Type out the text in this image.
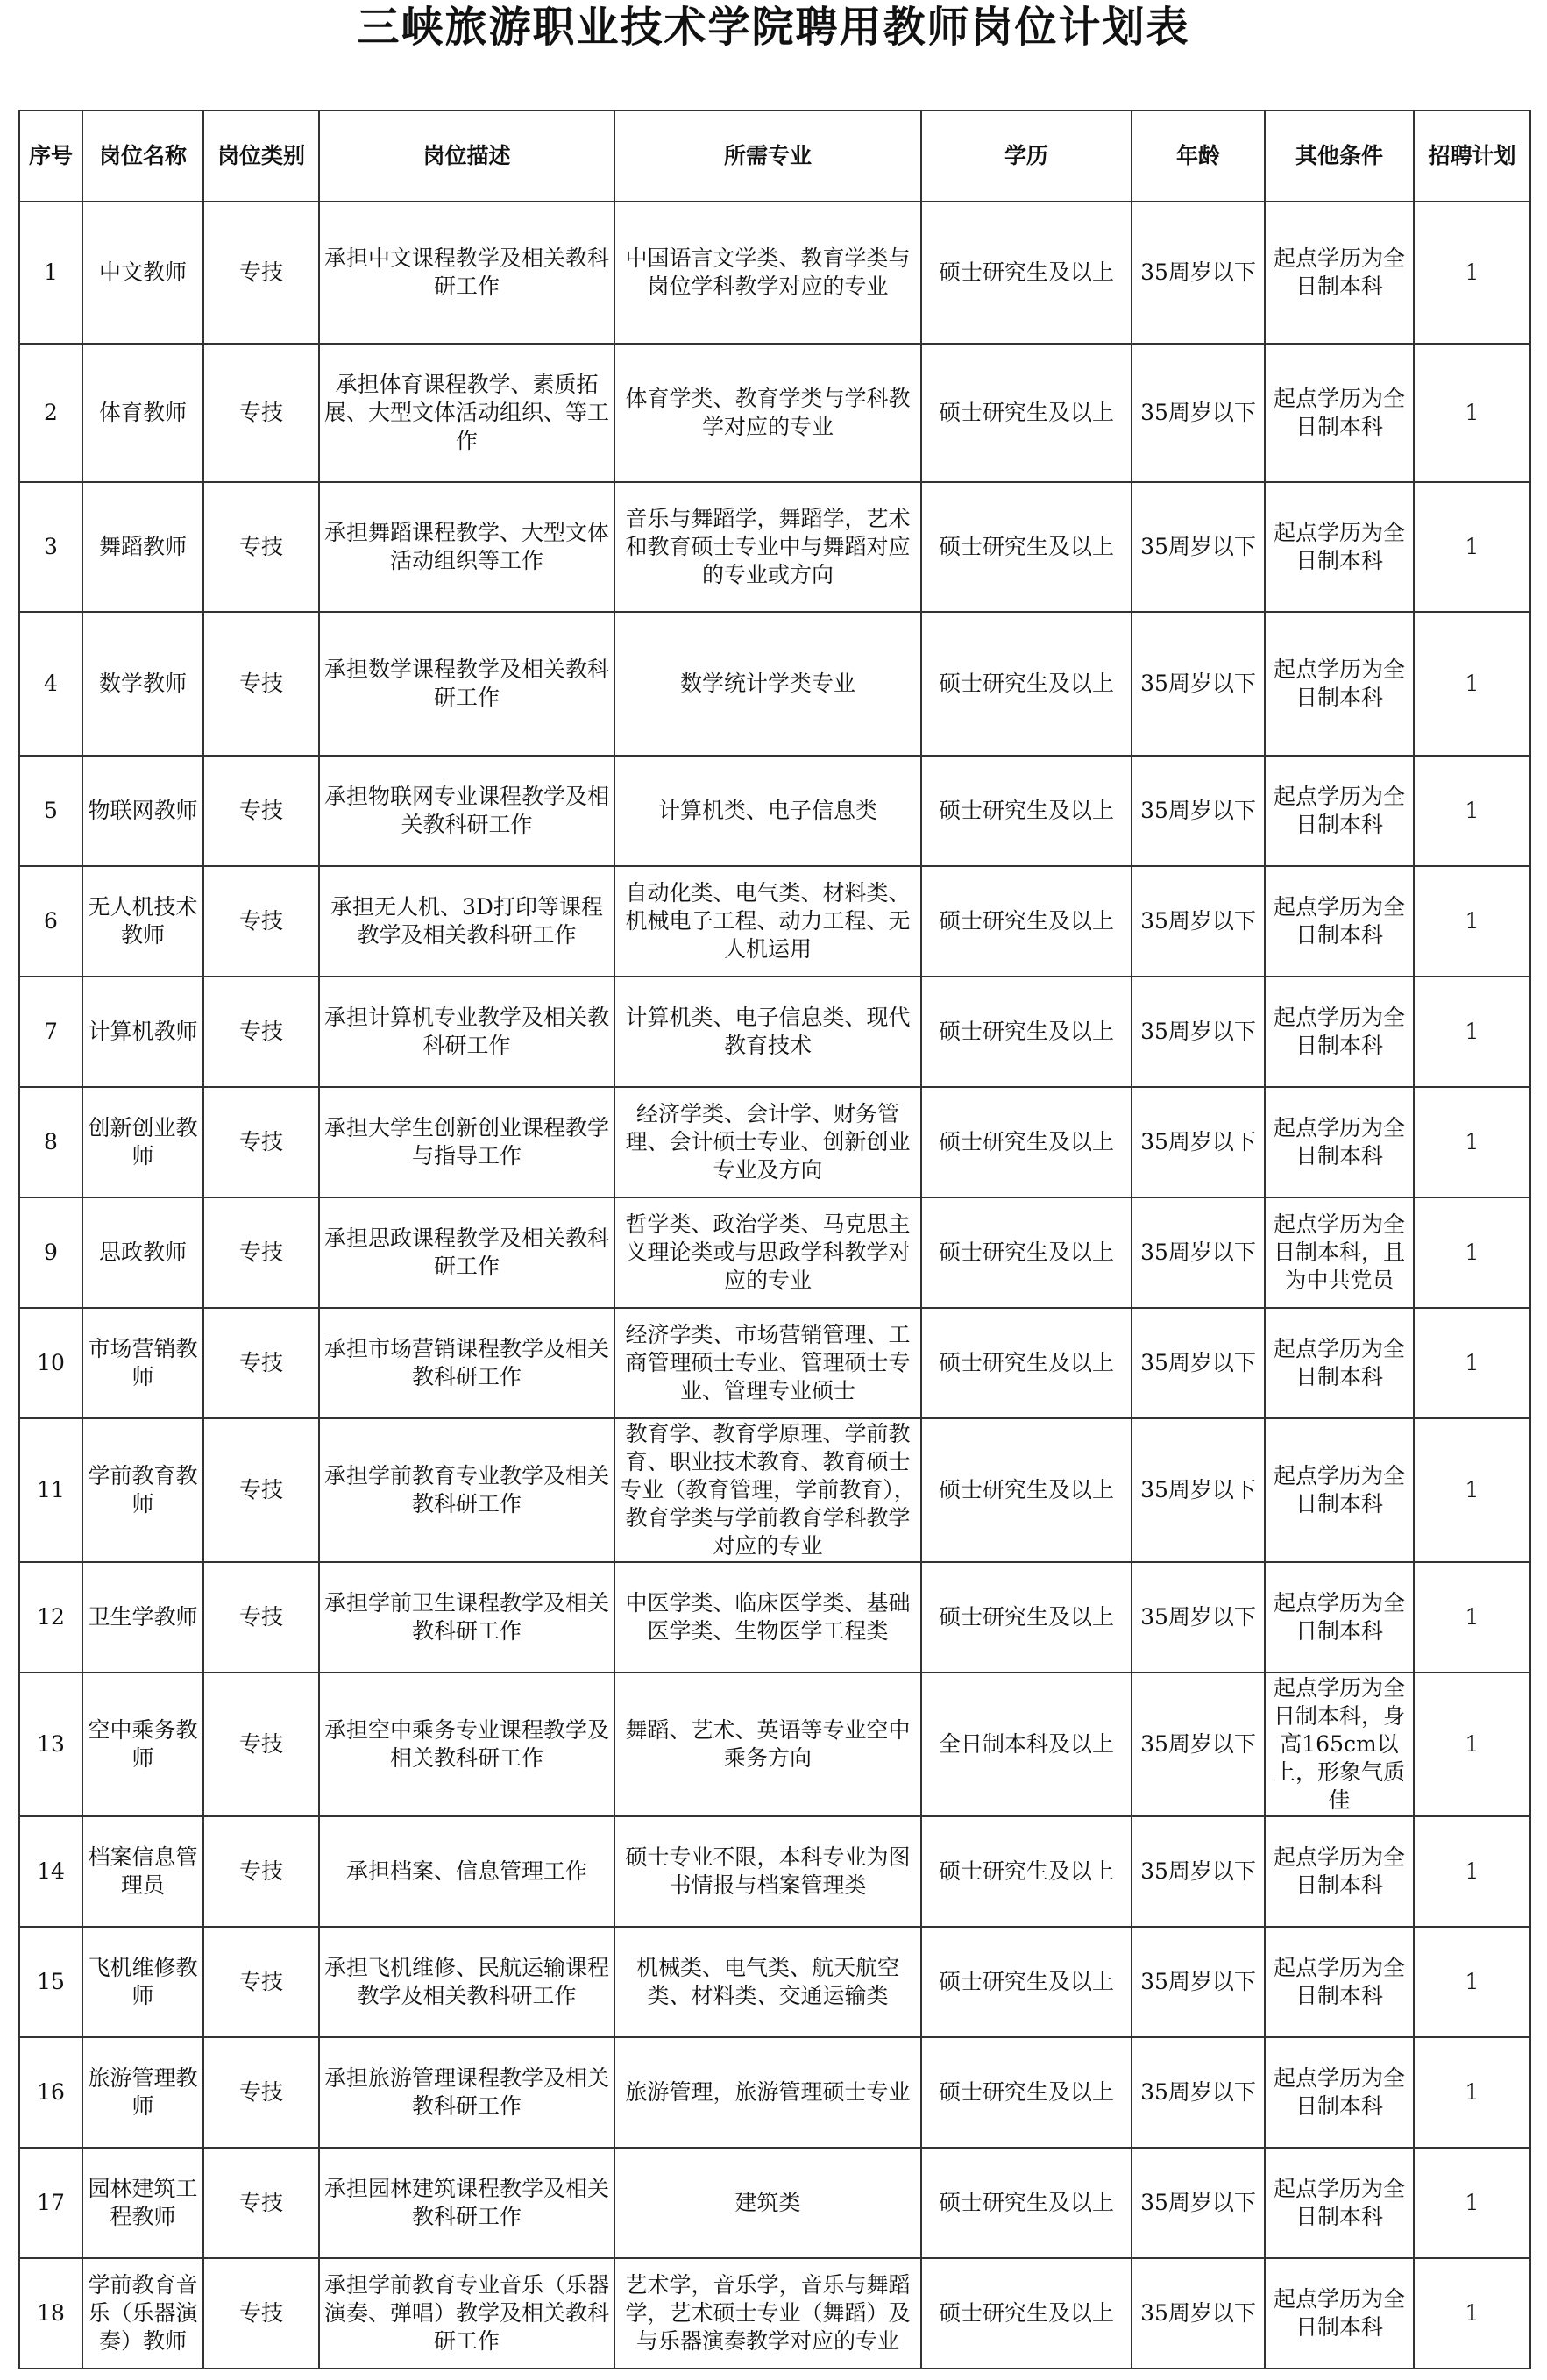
三峡旅游职业技术学院聘用教师岗位计划表
序号	岗位名称	岗位类别	岗位描述	所需专业	学历	年龄	其他条件	招聘计划
1	中文教师	专技	承担中文课程教学及相关教科研工作	中国语言文学类、教育学类与岗位学科教学对应的专业	硕士研究生及以上	35周岁以下	起点学历为全日制本科	1
2	体育教师	专技	承担体育课程教学、素质拓展、大型文体活动组织、等工作	体育学类、教育学类与学科教学对应的专业	硕士研究生及以上	35周岁以下	起点学历为全日制本科	1
3	舞蹈教师	专技	承担舞蹈课程教学、大型文体活动组织等工作	音乐与舞蹈学，舞蹈学，艺术和教育硕士专业中与舞蹈对应的专业或方向	硕士研究生及以上	35周岁以下	起点学历为全日制本科	1
4	数学教师	专技	承担数学课程教学及相关教科研工作	数学统计学类专业	硕士研究生及以上	35周岁以下	起点学历为全日制本科	1
5	物联网教师	专技	承担物联网专业课程教学及相关教科研工作	计算机类、电子信息类	硕士研究生及以上	35周岁以下	起点学历为全日制本科	1
6	无人机技术教师	专技	承担无人机、3D打印等课程教学及相关教科研工作	自动化类、电气类、材料类、机械电子工程、动力工程、无人机运用	硕士研究生及以上	35周岁以下	起点学历为全日制本科	1
7	计算机教师	专技	承担计算机专业教学及相关教科研工作	计算机类、电子信息类、现代教育技术	硕士研究生及以上	35周岁以下	起点学历为全日制本科	1
8	创新创业教师	专技	承担大学生创新创业课程教学与指导工作	经济学类、会计学、财务管理、会计硕士专业、创新创业专业及方向	硕士研究生及以上	35周岁以下	起点学历为全日制本科	1
9	思政教师	专技	承担思政课程教学及相关教科研工作	哲学类、政治学类、马克思主义理论类或与思政学科教学对应的专业	硕士研究生及以上	35周岁以下	起点学历为全日制本科，且为中共党员	1
10	市场营销教师	专技	承担市场营销课程教学及相关教科研工作	经济学类、市场营销管理、工商管理硕士专业、管理硕士专业、管理专业硕士	硕士研究生及以上	35周岁以下	起点学历为全日制本科	1
11	学前教育教师	专技	承担学前教育专业教学及相关教科研工作	教育学、教育学原理、学前教育、职业技术教育、教育硕士专业（教育管理，学前教育），教育学类与学前教育学科教学对应的专业	硕士研究生及以上	35周岁以下	起点学历为全日制本科	1
12	卫生学教师	专技	承担学前卫生课程教学及相关教科研工作	中医学类、临床医学类、基础医学类、生物医学工程类	硕士研究生及以上	35周岁以下	起点学历为全日制本科	1
13	空中乘务教师	专技	承担空中乘务专业课程教学及相关教科研工作	舞蹈、艺术、英语等专业空中乘务方向	全日制本科及以上	35周岁以下	起点学历为全日制本科，身高165cm以上，形象气质佳	1
14	档案信息管理员	专技	承担档案、信息管理工作	硕士专业不限，本科专业为图书情报与档案管理类	硕士研究生及以上	35周岁以下	起点学历为全日制本科	1
15	飞机维修教师	专技	承担飞机维修、民航运输课程教学及相关教科研工作	机械类、电气类、航天航空类、材料类、交通运输类	硕士研究生及以上	35周岁以下	起点学历为全日制本科	1
16	旅游管理教师	专技	承担旅游管理课程教学及相关教科研工作	旅游管理，旅游管理硕士专业	硕士研究生及以上	35周岁以下	起点学历为全日制本科	1
17	园林建筑工程教师	专技	承担园林建筑课程教学及相关教科研工作	建筑类	硕士研究生及以上	35周岁以下	起点学历为全日制本科	1
18	学前教育音乐（乐器演奏）教师	专技	承担学前教育专业音乐（乐器演奏、弹唱）教学及相关教科研工作	艺术学，音乐学，音乐与舞蹈学，艺术硕士专业（舞蹈）及与乐器演奏教学对应的专业	硕士研究生及以上	35周岁以下	起点学历为全日制本科	1
